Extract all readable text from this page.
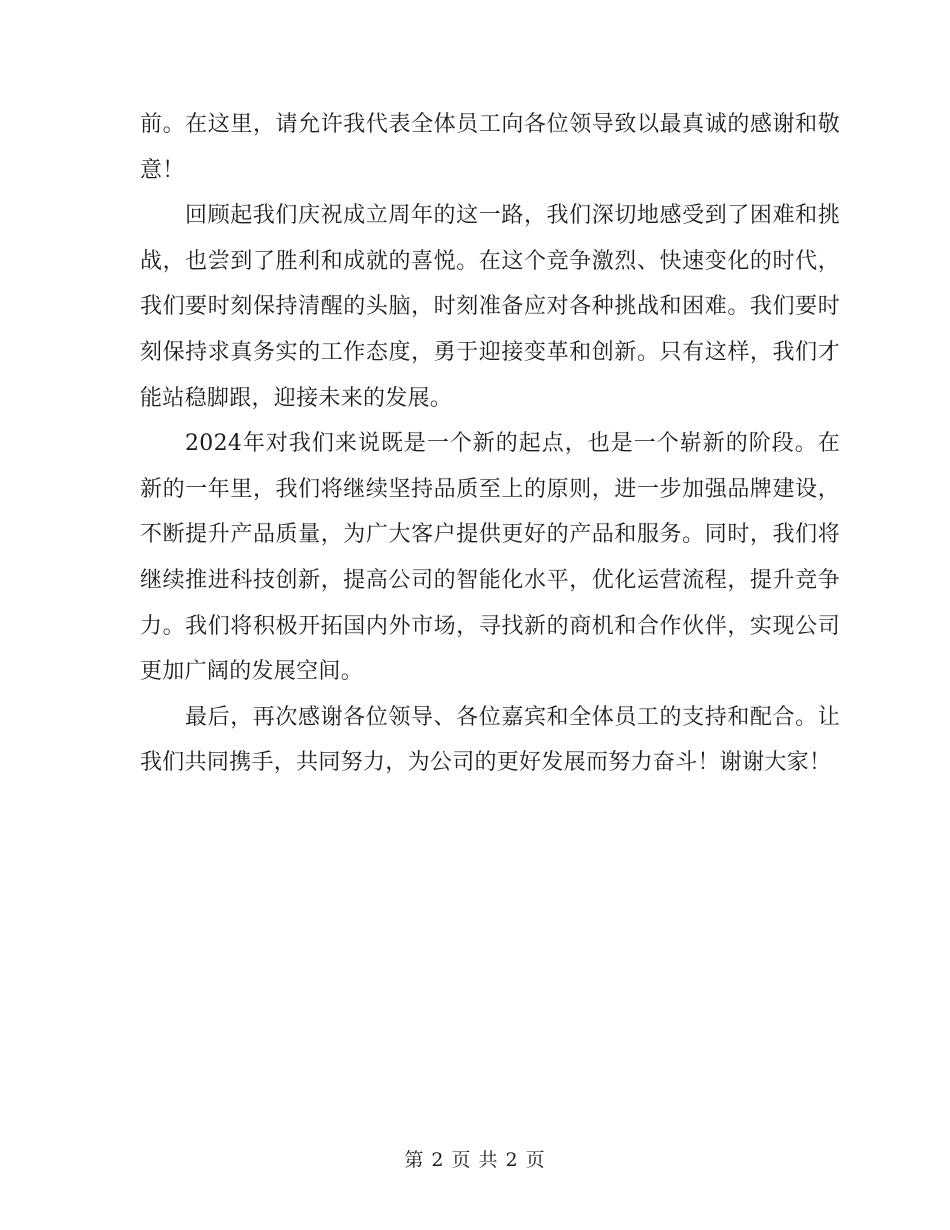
前。在这里，请允许我代表全体员工向各位领导致以最真诚的感谢和敬意！

回顾起我们庆祝成立周年的这一路，我们深切地感受到了困难和挑战，也尝到了胜利和成就的喜悦。在这个竞争激烈、快速变化的时代，我们要时刻保持清醒的头脑，时刻准备应对各种挑战和困难。我们要时刻保持求真务实的工作态度，勇于迎接变革和创新。只有这样，我们才能站稳脚跟，迎接未来的发展。

2024年对我们来说既是一个新的起点，也是一个崭新的阶段。在新的一年里，我们将继续坚持品质至上的原则，进一步加强品牌建设，不断提升产品质量，为广大客户提供更好的产品和服务。同时，我们将继续推进科技创新，提高公司的智能化水平，优化运营流程，提升竞争力。我们将积极开拓国内外市场，寻找新的商机和合作伙伴，实现公司更加广阔的发展空间。

最后，再次感谢各位领导、各位嘉宾和全体员工的支持和配合。让我们共同携手，共同努力，为公司的更好发展而努力奋斗！谢谢大家！

第 2 页 共 2 页
